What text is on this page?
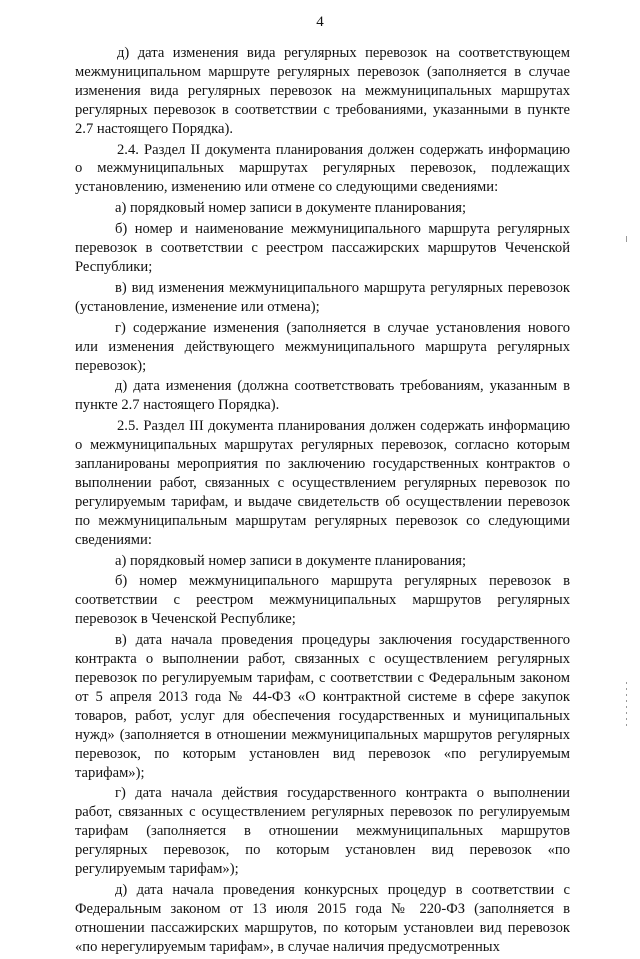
4

д) дата изменения вида регулярных перевозок на соответствующем межмуниципальном маршруте регулярных перевозок (заполняется в случае изменения вида регулярных перевозок на межмуниципальных маршрутах регулярных перевозок в соответствии с требованиями, указанными в пункте 2.7 настоящего Порядка).

2.4. Раздел II документа планирования должен содержать информацию о межмуниципальных маршрутах регулярных перевозок, подлежащих установлению, изменению или отмене со следующими сведениями:

а) порядковый номер записи в документе планирования;

б) номер и наименование межмуниципального маршрута регулярных перевозок в соответствии с реестром пассажирских маршрутов Чеченской Республики;

в) вид изменения межмуниципального маршрута регулярных перевозок (установление, изменение или отмена);

г) содержание изменения (заполняется в случае установления нового или изменения действующего межмуниципального маршрута регулярных перевозок);

д) дата изменения (должна соответствовать требованиям, указанным в пункте 2.7 настоящего Порядка).

2.5. Раздел III документа планирования должен содержать информацию о межмуниципальных маршрутах регулярных перевозок, согласно которым запланированы мероприятия по заключению государственных контрактов о выполнении работ, связанных с осуществлением регулярных перевозок по регулируемым тарифам, и выдаче свидетельств об осуществлении перевозок по межмуниципальным маршрутам регулярных перевозок со следующими сведениями:

а) порядковый номер записи в документе планирования;

б) номер межмуниципального маршрута регулярных перевозок в соответствии с реестром межмуниципальных маршрутов регулярных перевозок в Чеченской Республике;

в) дата начала проведения процедуры заключения государственного контракта о выполнении работ, связанных с осуществлением регулярных перевозок по регулируемым тарифам, с соответствии с Федеральным законом от 5 апреля 2013 года № 44-ФЗ «О контрактной системе в сфере закупок товаров, работ, услуг для обеспечения государственных и муниципальных нужд» (заполняется в отношении межмуниципальных маршрутов регулярных перевозок, по которым установлен вид перевозок «по регулируемым тарифам»);

г) дата начала действия государственного контракта о выполнении работ, связанных с осуществлением регулярных перевозок по регулируемым тарифам (заполняется в отношении межмуниципальных маршрутов регулярных перевозок, по которым установлен вид перевозок «по регулируемым тарифам»);

д) дата начала проведения конкурсных процедур в соответствии с Федеральным законом от 13 июля 2015 года № 220-ФЗ (заполняется в отношении пассажирских маршрутов, по которым установлеи вид перевозок «по нерегулируемым тарифам», в случае наличия предусмотренных
